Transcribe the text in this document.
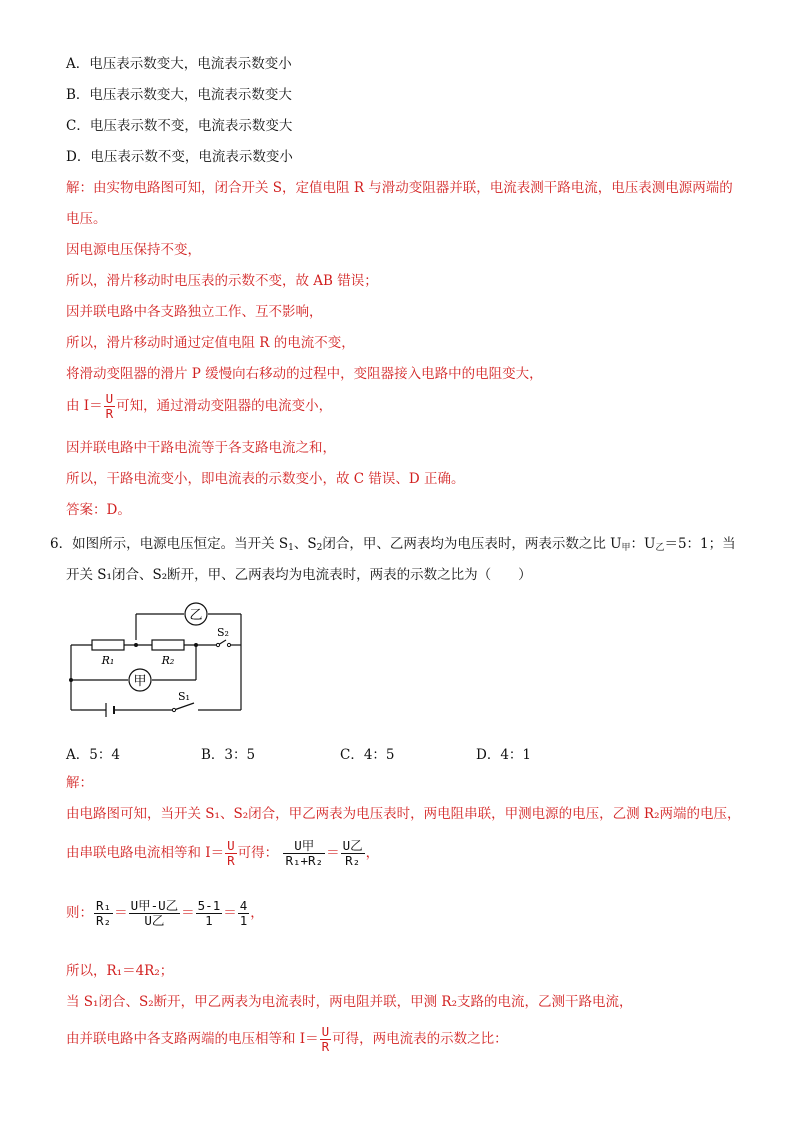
A．电压表示数变大，电流表示数变小
B．电压表示数变大，电流表示数变大
C．电压表示数不变，电流表示数变大
D．电压表示数不变，电流表示数变小
解：由实物电路图可知，闭合开关 S，定值电阻 R 与滑动变阻器并联，电流表测干路电流，电压表测电源两端的
电压。
因电源电压保持不变，
所以，滑片移动时电压表的示数不变，故 AB 错误；
因并联电路中各支路独立工作、互不影响，
所以，滑片移动时通过定值电阻 R 的电流不变，
将滑动变阻器的滑片 P 缓慢向右移动的过程中，变阻器接入电路中的电阻变大，
由 $I= \frac{U}{R}$ 可知，通过滑动变阻器的电流变小，
因并联电路中干路电流等于各支路电流之和，
所以，干路电流变小，即电流表的示数变小，故 C 错误、D 正确。
答案：D。
6．如图所示，电源电压恒定。当开关 $S_1$、$S_2$闭合，甲、乙两表均为电压表时，两表示数之比 $U_甲$：$U_乙=5$：1；当
开关 S₁闭合、S₂断开，甲、乙两表均为电流表时，两表的示数之比为（　　）
乙
甲
R₁	R₂
S₂
S₁
A．5：4	B．3：5	C．4：5	D．4：1
解：
由电路图可知，当开关 S₁、S₂闭合，甲乙两表为电压表时，两电阻串联，甲测电源的电压，乙测 R₂两端的电压，
由串联电路电流相等和 $I= \frac{U}{R}$ 可得： $\frac{\text{U甲}}{\text{R₁+R₂}} = \frac{\text{U乙}}{\text{R₂}}$ ，
则： $\frac{\text{R₁}}{\text{R₂}} = \frac{\text{U甲-U乙}}{\text{U乙}} = \frac{5-1}{1} = \frac{4}{1}$ ，
所以，R₁＝4R₂；
当 S₁闭合、S₂断开，甲乙两表为电流表时，两电阻并联，甲测 R₂支路的电流，乙测干路电流，
由并联电路中各支路两端的电压相等和 $I= \frac{U}{R}$ 可得，两电流表的示数之比：
